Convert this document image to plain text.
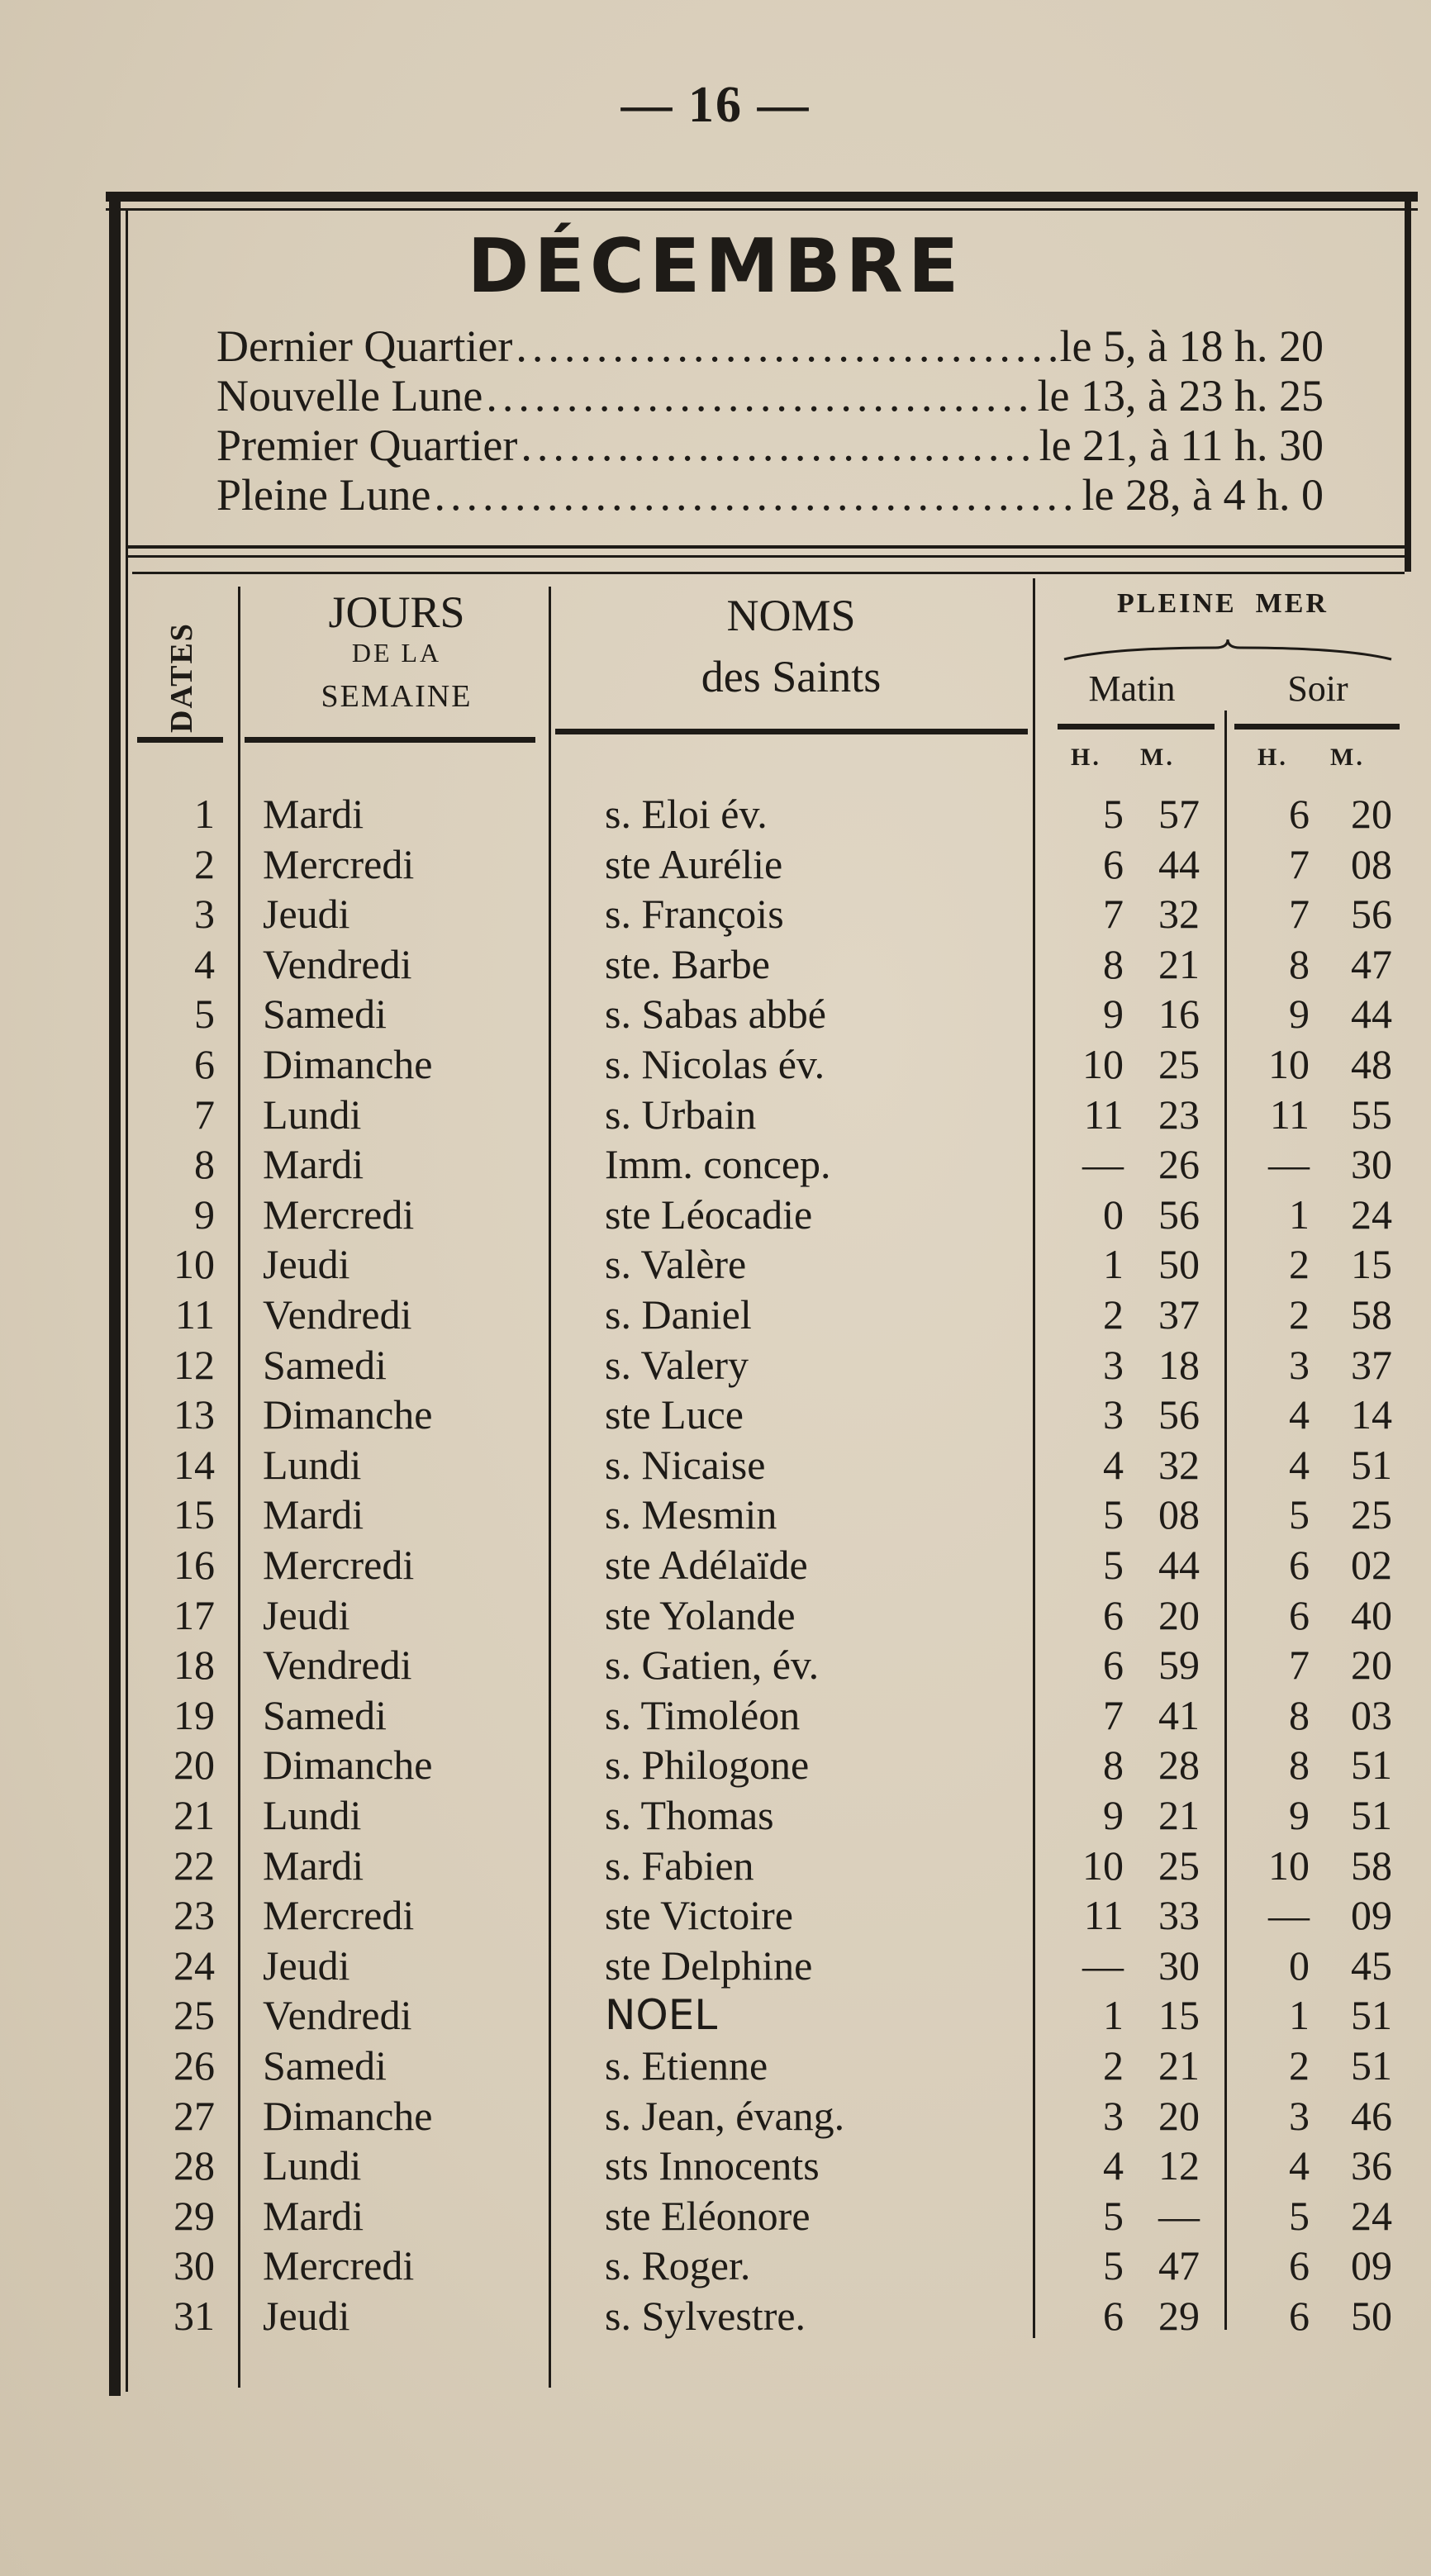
— 16 —
DÉCEMBRE
Dernier Quartier .....	le 5, à 18 h. 20
Nouvelle Lune .....	le 13, à 23 h. 25
Premier Quartier .....	le 21, à 11 h. 30
Pleine Lune .....	le 28, à 4 h. 0
DATES
JOURS
DE LA
SEMAINE
NOMS
des Saints
PLEINE  MER
Matin	Soir
H. M.	H. M.
1 Mardi	s. Eloi év.	5 57	6	20
2 Mercredi	ste Aurélie	6 44	7	08
3 Jeudi	s. François	7 32	7	56
4 Vendredi	ste. Barbe	8 21	8	47
5 Samedi	s. Sabas abbé	9 16	9	44
6 Dimanche	s. Nicolas év.	10 25	10	48
7 Lundi	s. Urbain	11 23	11	55
8 Mardi	Imm. concep.	— 26	—	30
9 Mercredi	ste Léocadie	0 56	1	24
10 Jeudi	s. Valère	1 50	2	15
11 Vendredi	s. Daniel	2 37	2	58
12 Samedi	s. Valery	3 18	3	37
13 Dimanche	ste Luce	3 56	4	14
14 Lundi	s. Nicaise	4 32	4	51
15 Mardi	s. Mesmin	5 08	5	25
16 Mercredi	ste Adélaïde	5 44	6	02
17 Jeudi	ste Yolande	6 20	6	40
18 Vendredi	s. Gatien, év.	6 59	7	20
19 Samedi	s. Timoléon	7 41	8	03
20 Dimanche	s. Philogone	8 28	8	51
21 Lundi	s. Thomas	9 21	9	51
22 Mardi	s. Fabien	10 25	10	58
23 Mercredi	ste Victoire	11 33	—	09
24 Jeudi	ste Delphine	— 30	0	45
25 Vendredi	NOEL	1 15	1	51
26 Samedi	s. Etienne	2 21	2	51
27 Dimanche	s. Jean, évang.	3 20	3	46
28 Lundi	sts Innocents	4 12	4	36
29 Mardi	ste Eléonore	5 —	5	24
30 Mercredi	s. Roger.	5 47	6	09
31 Jeudi	s. Sylvestre.	6 29	6	50
